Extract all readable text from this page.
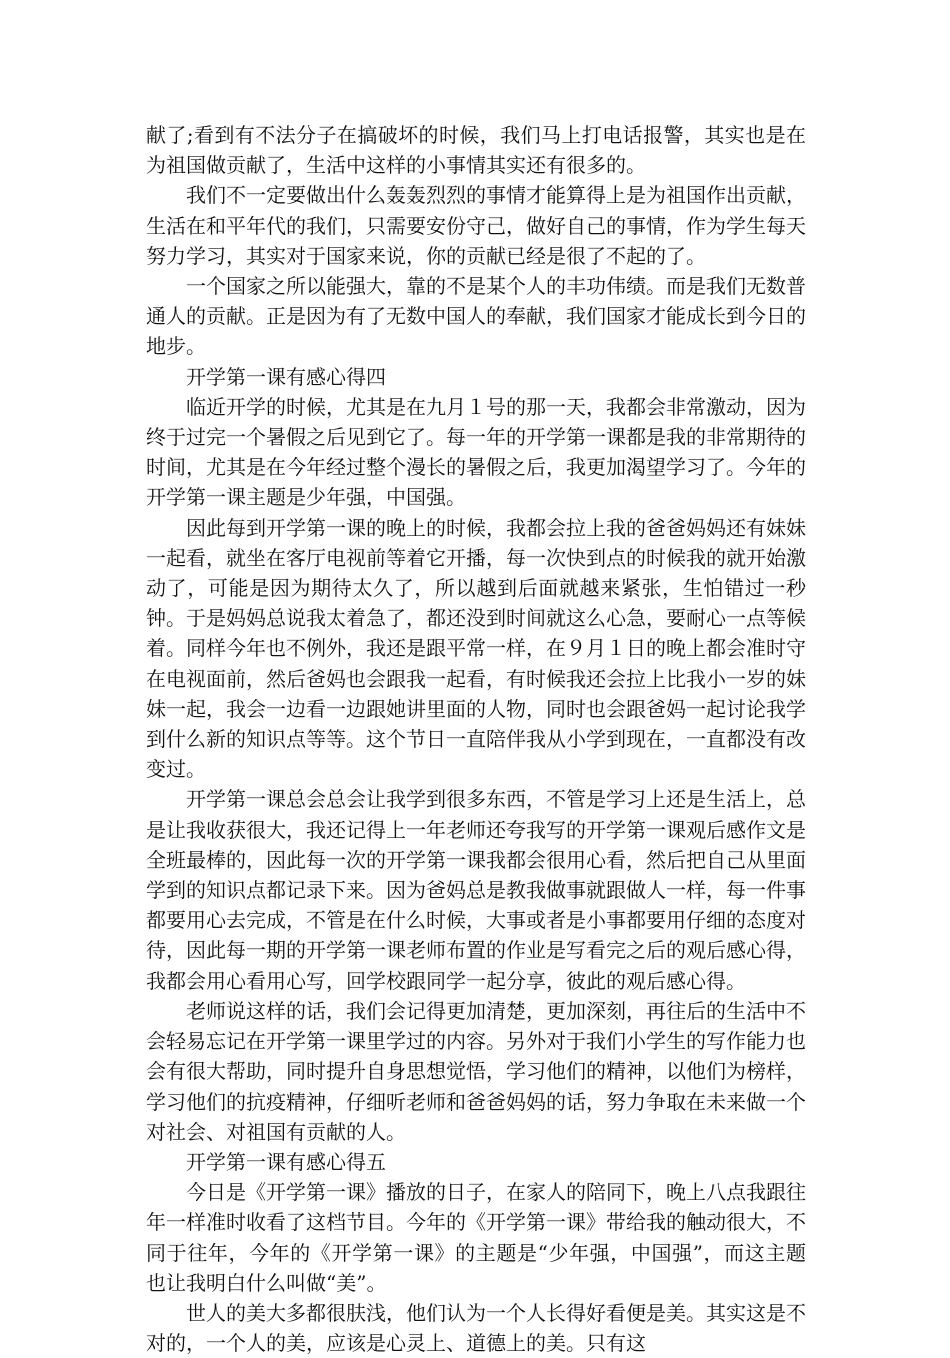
献了;看到有不法分子在搞破坏的时候，我们马上打电话报警，其实也是在为祖国做贡献了，生活中这样的小事情其实还有很多的。

我们不一定要做出什么轰轰烈烈的事情才能算得上是为祖国作出贡献，生活在和平年代的我们，只需要安份守己，做好自己的事情，作为学生每天努力学习，其实对于国家来说，你的贡献已经是很了不起的了。

一个国家之所以能强大，靠的不是某个人的丰功伟绩。而是我们无数普通人的贡献。正是因为有了无数中国人的奉献，我们国家才能成长到今日的地步。

开学第一课有感心得四

临近开学的时候，尤其是在九月１号的那一天，我都会非常激动，因为终于过完一个暑假之后见到它了。每一年的开学第一课都是我的非常期待的时间，尤其是在今年经过整个漫长的暑假之后，我更加渴望学习了。今年的开学第一课主题是少年强，中国强。

因此每到开学第一课的晚上的时候，我都会拉上我的爸爸妈妈还有妹妹一起看，就坐在客厅电视前等着它开播，每一次快到点的时候我的就开始激动了，可能是因为期待太久了，所以越到后面就越来紧张，生怕错过一秒钟。于是妈妈总说我太着急了，都还没到时间就这么心急，要耐心一点等候着。同样今年也不例外，我还是跟平常一样，在９月１日的晚上都会准时守在电视面前，然后爸妈也会跟我一起看，有时候我还会拉上比我小一岁的妹妹一起，我会一边看一边跟她讲里面的人物，同时也会跟爸妈一起讨论我学到什么新的知识点等等。这个节日一直陪伴我从小学到现在，一直都没有改变过。

开学第一课总会总会让我学到很多东西，不管是学习上还是生活上，总是让我收获很大，我还记得上一年老师还夸我写的开学第一课观后感作文是全班最棒的，因此每一次的开学第一课我都会很用心看，然后把自己从里面学到的知识点都记录下来。因为爸妈总是教我做事就跟做人一样，每一件事都要用心去完成，不管是在什么时候，大事或者是小事都要用仔细的态度对待，因此每一期的开学第一课老师布置的作业是写看完之后的观后感心得，我都会用心看用心写，回学校跟同学一起分享，彼此的观后感心得。

老师说这样的话，我们会记得更加清楚，更加深刻，再往后的生活中不会轻易忘记在开学第一课里学过的内容。另外对于我们小学生的写作能力也会有很大帮助，同时提升自身思想觉悟，学习他们的精神，以他们为榜样，学习他们的抗疫精神，仔细听老师和爸爸妈妈的话，努力争取在未来做一个对社会、对祖国有贡献的人。

开学第一课有感心得五

今日是《开学第一课》播放的日子，在家人的陪同下，晚上八点我跟往年一样准时收看了这档节目。今年的《开学第一课》带给我的触动很大，不同于往年，今年的《开学第一课》的主题是“少年强，中国强”，而这主题也让我明白什么叫做“美”。

世人的美大多都很肤浅，他们认为一个人长得好看便是美。其实这是不对的，一个人的美，应该是心灵上、道德上的美。只有这
